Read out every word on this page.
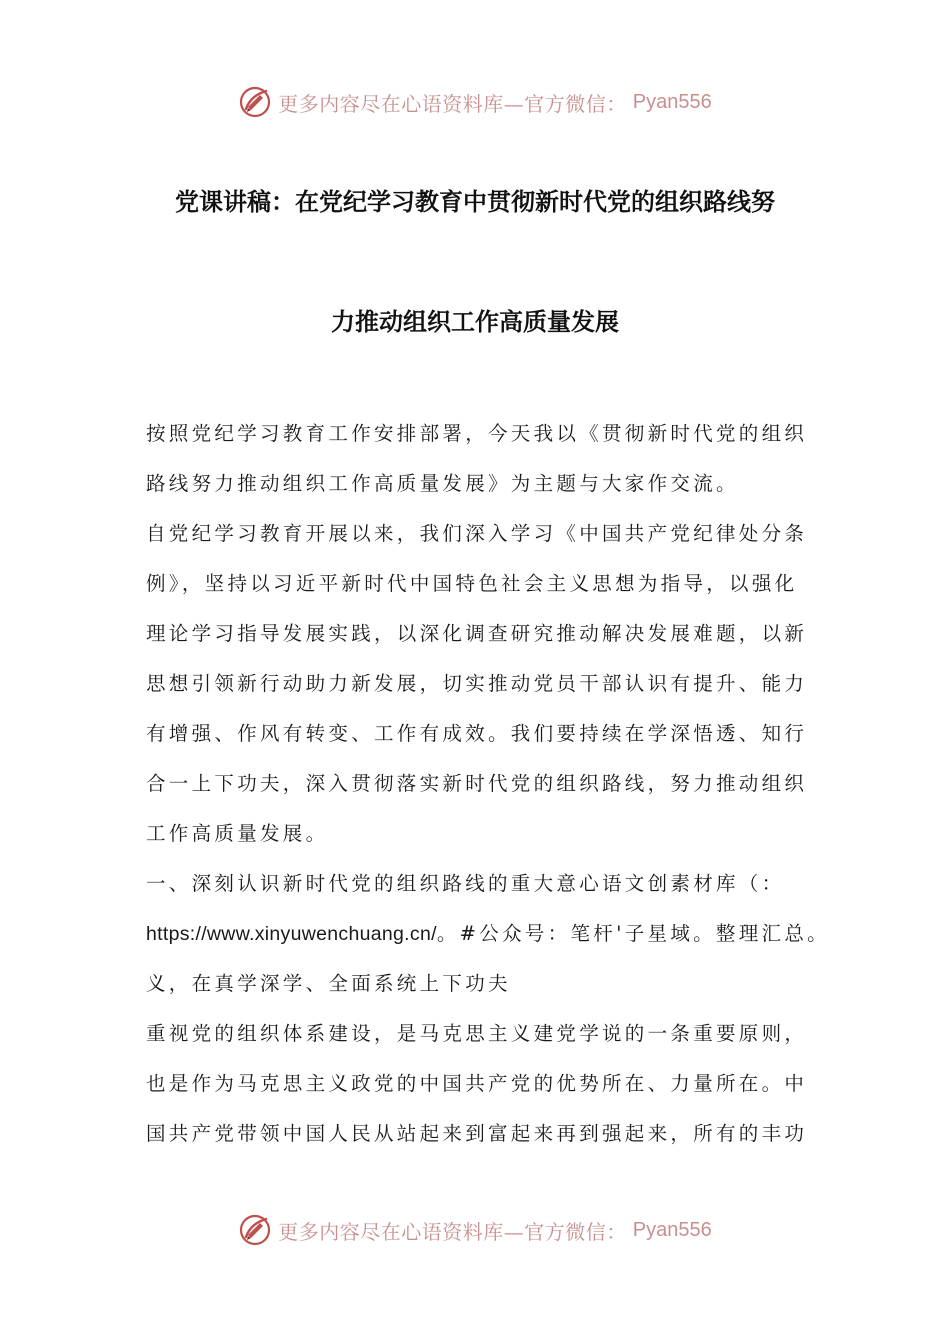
更多内容尽在心语资料库—官方微信： Pyan556
党课讲稿：在党纪学习教育中贯彻新时代党的组织路线努
力推动组织工作高质量发展
按照党纪学习教育工作安排部署，今天我以《贯彻新时代党的组织
路线努力推动组织工作高质量发展》为主题与大家作交流。
自党纪学习教育开展以来，我们深入学习《中国共产党纪律处分条
例》，坚持以习近平新时代中国特色社会主义思想为指导，以强化
理论学习指导发展实践，以深化调查研究推动解决发展难题，以新
思想引领新行动助力新发展，切实推动党员干部认识有提升、能力
有增强、作风有转变、工作有成效。我们要持续在学深悟透、知行
合一上下功夫，深入贯彻落实新时代党的组织路线，努力推动组织
工作高质量发展。
一、深刻认识新时代党的组织路线的重大意心语文创素材库（：
https://www.xinyuwenchuang.cn/。#公众号：笔杆'子星域。整理汇总。
义，在真学深学、全面系统上下功夫
重视党的组织体系建设，是马克思主义建党学说的一条重要原则，
也是作为马克思主义政党的中国共产党的优势所在、力量所在。中
国共产党带领中国人民从站起来到富起来再到强起来，所有的丰功
更多内容尽在心语资料库—官方微信： Pyan556
